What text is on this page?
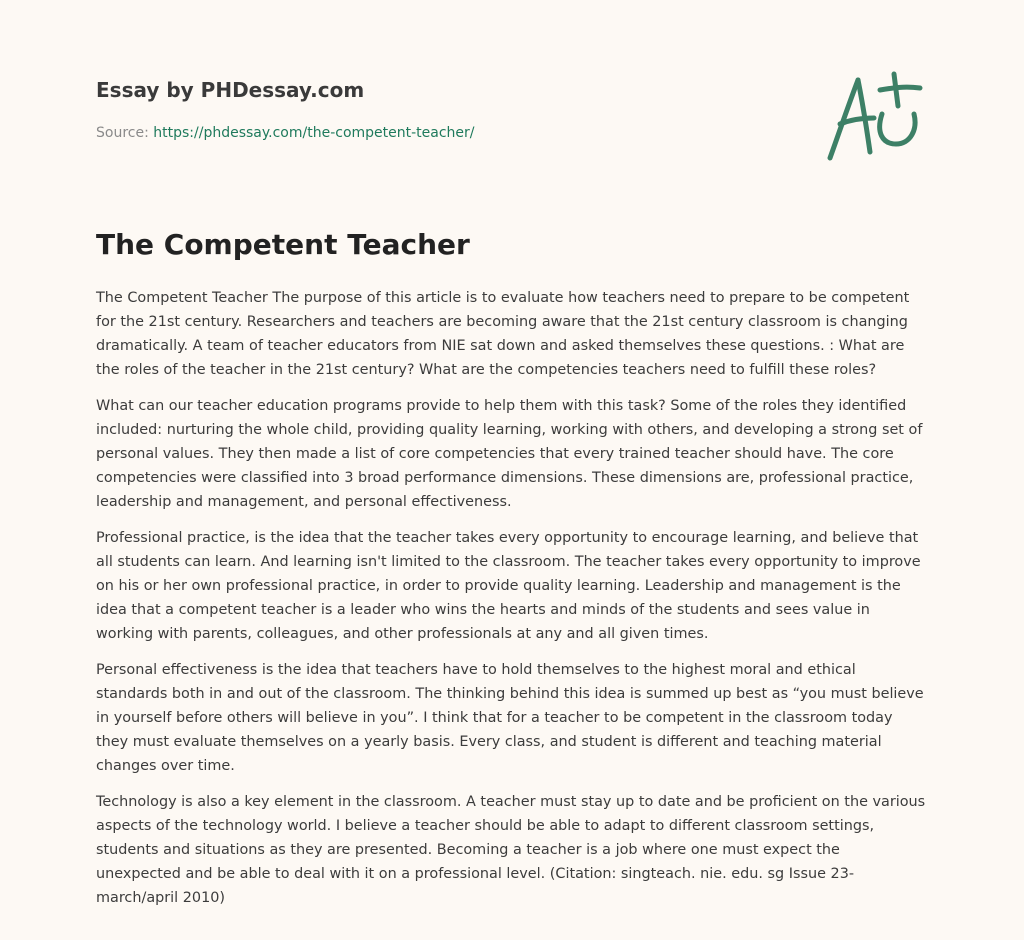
Essay by PHDessay.com
Source: https://phdessay.com/the-competent-teacher/
The Competent Teacher

The Competent Teacher The purpose of this article is to evaluate how teachers need to prepare to be competent for the 21st century. Researchers and teachers are becoming aware that the 21st century classroom is changing dramatically. A team of teacher educators from NIE sat down and asked themselves these questions. : What are the roles of the teacher in the 21st century? What are the competencies teachers need to fulfill these roles?

What can our teacher education programs provide to help them with this task? Some of the roles they identified included: nurturing the whole child, providing quality learning, working with others, and developing a strong set of personal values. They then made a list of core competencies that every trained teacher should have. The core competencies were classified into 3 broad performance dimensions. These dimensions are, professional practice, leadership and management, and personal effectiveness.

Professional practice, is the idea that the teacher takes every opportunity to encourage learning, and believe that all students can learn. And learning isn't limited to the classroom. The teacher takes every opportunity to improve on his or her own professional practice, in order to provide quality learning. Leadership and management is the idea that a competent teacher is a leader who wins the hearts and minds of the students and sees value in working with parents, colleagues, and other professionals at any and all given times.

Personal effectiveness is the idea that teachers have to hold themselves to the highest moral and ethical standards both in and out of the classroom. The thinking behind this idea is summed up best as “you must believe in yourself before others will believe in you”. I think that for a teacher to be competent in the classroom today they must evaluate themselves on a yearly basis. Every class, and student is different and teaching material changes over time.

Technology is also a key element in the classroom. A teacher must stay up to date and be proficient on the various aspects of the technology world. I believe a teacher should be able to adapt to different classroom settings, students and situations as they are presented. Becoming a teacher is a job where one must expect the unexpected and be able to deal with it on a professional level. (Citation: singteach. nie. edu. sg Issue 23-march/april 2010)
